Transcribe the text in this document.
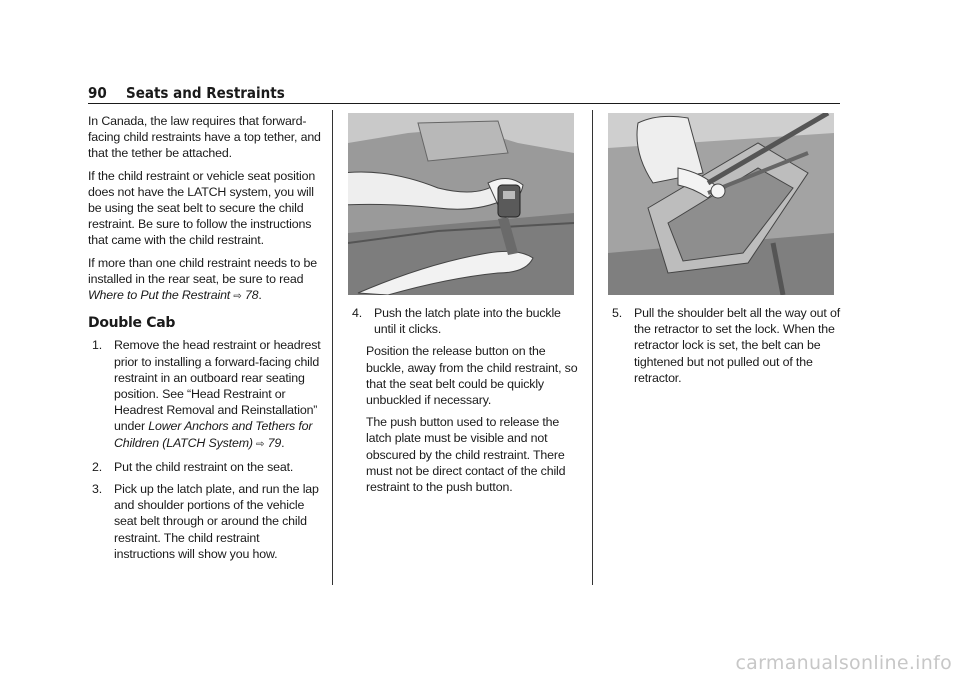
90 Seats and Restraints

In Canada, the law requires that forward-facing child restraints have a top tether, and that the tether be attached.

If the child restraint or vehicle seat position does not have the LATCH system, you will be using the seat belt to secure the child restraint. Be sure to follow the instructions that came with the child restraint.

If more than one child restraint needs to be installed in the rear seat, be sure to read Where to Put the Restraint ⇨ 78.

Double Cab
1. Remove the head restraint or headrest prior to installing a forward-facing child restraint in an outboard rear seating position. See “Head Restraint or Headrest Removal and Reinstallation” under Lower Anchors and Tethers for Children (LATCH System) ⇨ 79.
2. Put the child restraint on the seat.
3. Pick up the latch plate, and run the lap and shoulder portions of the vehicle seat belt through or around the child restraint. The child restraint instructions will show you how.
4. Push the latch plate into the buckle until it clicks.

Position the release button on the buckle, away from the child restraint, so that the seat belt could be quickly unbuckled if necessary.

The push button used to release the latch plate must be visible and not obscured by the child restraint. There must not be direct contact of the child restraint to the push button.

5. Pull the shoulder belt all the way out of the retractor to set the lock. When the retractor lock is set, the belt can be tightened but not pulled out of the retractor.
carmanualsonline.info
